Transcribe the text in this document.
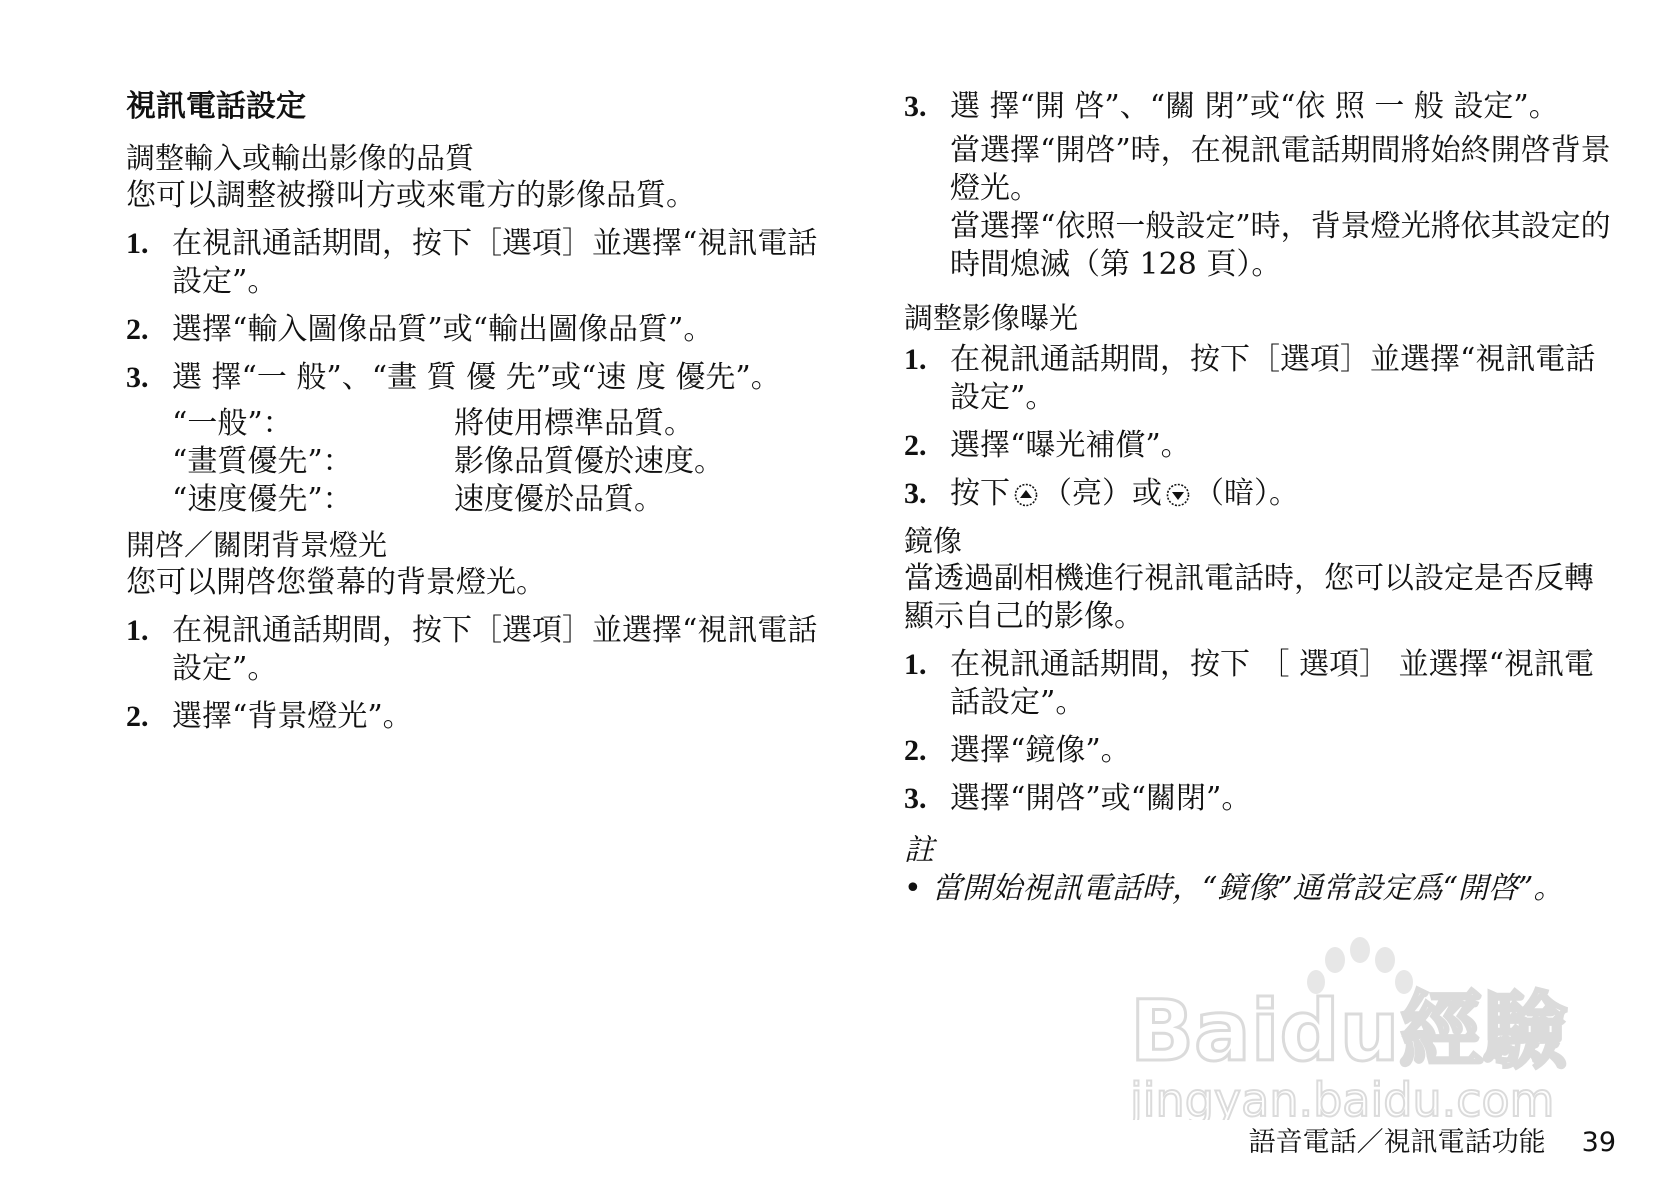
視訊電話設定
調整輸入或輸出影像的品質
您可以調整被撥叫方或來電方的影像品質。
1. 在視訊通話期間，按下［選項］並選擇“視訊電話設定”。
2. 選擇“輸入圖像品質”或“輸出圖像品質”。
3. 選 擇“一 般”、“畫 質 優 先”或“速 度 優先”。
“一般”：	將使用標準品質。
“畫質優先”：	影像品質優於速度。
“速度優先”：	速度優於品質。
開啓／關閉背景燈光
您可以開啓您螢幕的背景燈光。
1. 在視訊通話期間，按下［選項］並選擇“視訊電話設定”。
2. 選擇“背景燈光”。
3. 選 擇“開 啓”、“關 閉”或“依 照 一 般 設定”。
當選擇“開啓”時，在視訊電話期間將始終開啓背景燈光。
當選擇“依照一般設定”時，背景燈光將依其設定的時間熄滅（第 128 頁）。
調整影像曝光
1. 在視訊通話期間，按下［選項］並選擇“視訊電話設定”。
2. 選擇“曝光補償”。
3. 按下 （亮）或 （暗）。
鏡像
當透過副相機進行視訊電話時，您可以設定是否反轉顯示自己的影像。
1. 在視訊通話期間，按下 ［ 選項］ 並選擇“視訊電話設定”。
2. 選擇“鏡像”。
3. 選擇“開啓”或“關閉”。
註
• 當開始視訊電話時，“鏡像”通常設定爲“開啓”。
Baidu經驗
jingyan.baidu.com
語音電話／視訊電話功能 39
